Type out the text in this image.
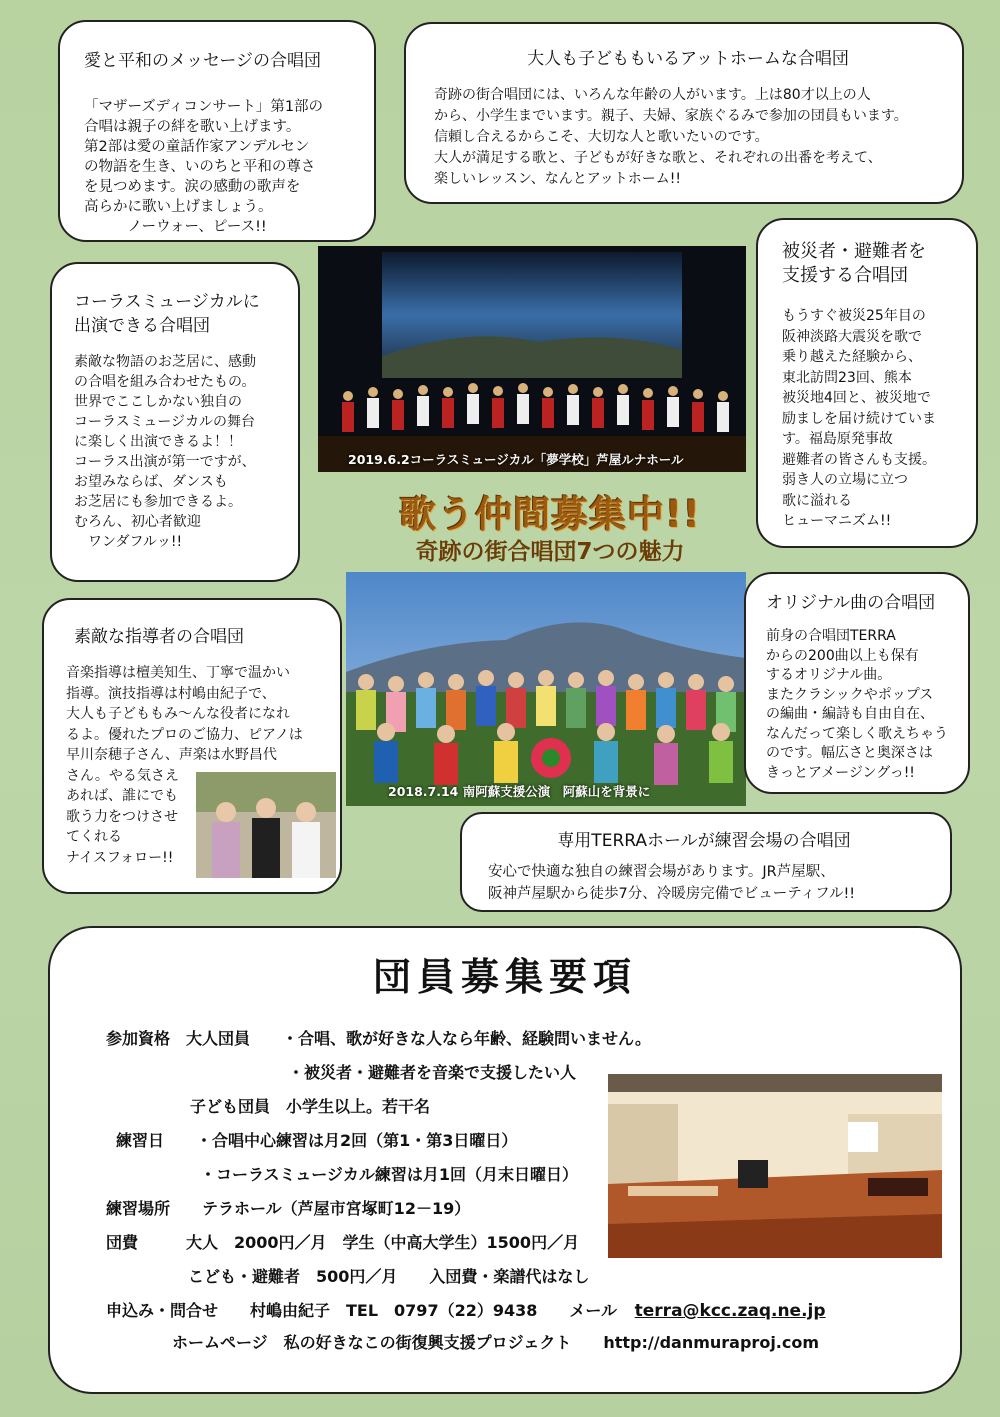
愛と平和のメッセージの合唱団

「マザーズディコンサート」第1部の

合唱は親子の絆を歌い上げます。

第2部は愛の童話作家アンデルセン

の物語を生き、いのちと平和の尊さ

を見つめます。涙の感動の歌声を

高らかに歌い上げましょう。

　　　ノーウォー、ピース!!

大人も子どももいるアットホームな合唱団

奇跡の街合唱団には、いろんな年齢の人がいます。上は80才以上の人

から、小学生までいます。親子、夫婦、家族ぐるみで参加の団員もいます。

信頼し合えるからこそ、大切な人と歌いたいのです。

大人が満足する歌と、子どもが好きな歌と、それぞれの出番を考えて、

楽しいレッスン、なんとアットホーム!!

被災者・避難者を
支援する合唱団

もうすぐ被災25年目の

阪神淡路大震災を歌で

乗り越えた経験から、

東北訪問23回、熊本

被災地4回と、被災地で

励ましを届け続けていま

す。福島原発事故

避難者の皆さんも支援。

弱き人の立場に立つ

歌に溢れる

ヒューマニズム!!

コーラスミュージカルに
出演できる合唱団

素敵な物語のお芝居に、感動

の合唱を組み合わせたもの。

世界でここしかない独自の

コーラスミュージカルの舞台

に楽しく出演できるよ！！

コーラス出演が第一ですが、

お望みならば、ダンスも

お芝居にも参加できるよ。

むろん、初心者歓迎

　ワンダフルッ!!

2019.6.2コーラスミュージカル「夢学校」芦屋ルナホール
歌う仲間募集中!!
奇跡の街合唱団7つの魅力
2018.7.14 南阿蘇支援公演　阿蘇山を背景に
素敵な指導者の合唱団

音楽指導は檀美知生、丁寧で温かい

指導。演技指導は村嶋由紀子で、

大人も子どももみ～んな役者になれ

るよ。優れたプロのご協力、ピアノは

早川奈穂子さん、声楽は水野昌代

さん。やる気さえ

あれば、誰にでも

歌う力をつけさせ

てくれる

ナイスフォロー!!

オリジナル曲の合唱団

前身の合唱団TERRA

からの200曲以上も保有

するオリジナル曲。

またクラシックやポップス

の編曲・編詩も自由自在、

なんだって楽しく歌えちゃう

のです。幅広さと奥深さは

きっとアメージングっ!!

専用TERRAホールが練習会場の合唱団

安心で快適な独自の練習会場があります。JR芦屋駅、

阪神芦屋駅から徒歩7分、冷暖房完備でビューティフル!!

団員募集要項
参加資格　大人団員　　・合唱、歌が好きな人なら年齢、経験問いません。
・被災者・避難者を音楽で支援したい人
子ども団員　小学生以上。若干名
練習日　　・合唱中心練習は月2回（第1・第3日曜日）
・コーラスミュージカル練習は月1回（月末日曜日）
練習場所　　テラホール（芦屋市宮塚町12－19）
団費　　　大人　2000円／月　学生（中高大学生）1500円／月
こども・避難者　500円／月　　入団費・楽譜代はなし
申込み・問合せ　　村嶋由紀子　TEL　0797（22）9438　　メール terra@kcc.zaq.ne.jp
ホームページ　私の好きなこの街復興支援プロジェクト　　http://danmuraproj.com
